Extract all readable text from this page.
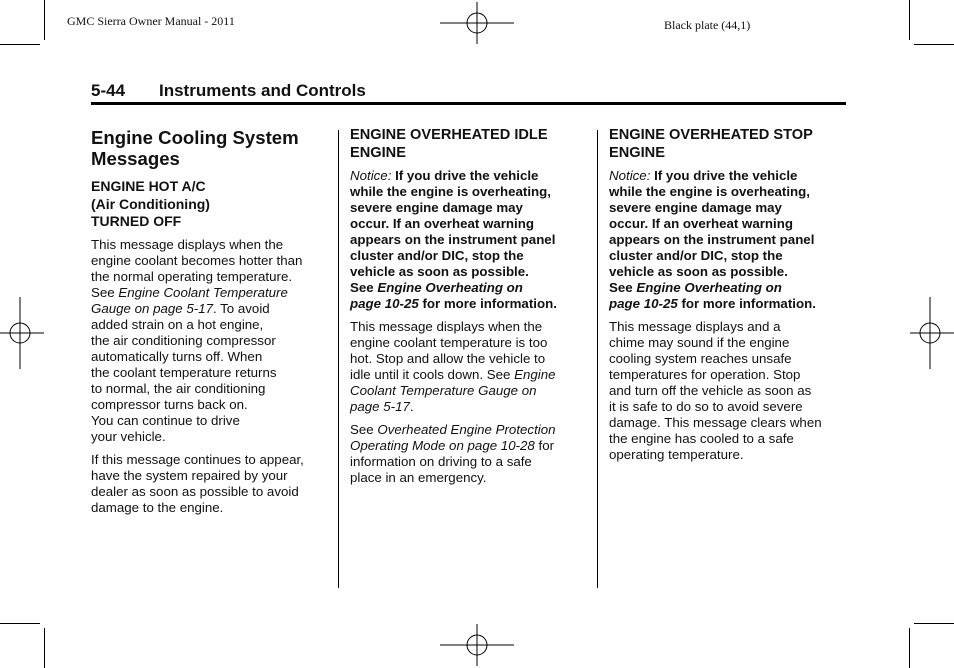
GMC Sierra Owner Manual - 2011	Black plate (44,1)
5-44 Instruments and Controls
Engine Cooling System
Messages
ENGINE HOT A/C
(Air Conditioning)
TURNED OFF
This message displays when the
engine coolant becomes hotter than
the normal operating temperature.
See Engine Coolant Temperature
Gauge on page 5‑17. To avoid
added strain on a hot engine,
the air conditioning compressor
automatically turns off. When
the coolant temperature returns
to normal, the air conditioning
compressor turns back on.
You can continue to drive
your vehicle.
If this message continues to appear,
have the system repaired by your
dealer as soon as possible to avoid
damage to the engine.
ENGINE OVERHEATED IDLE
ENGINE
Notice: If you drive the vehicle
while the engine is overheating,
severe engine damage may
occur. If an overheat warning
appears on the instrument panel
cluster and/or DIC, stop the
vehicle as soon as possible.
See Engine Overheating on
page 10‑25 for more information.
This message displays when the
engine coolant temperature is too
hot. Stop and allow the vehicle to
idle until it cools down. See Engine
Coolant Temperature Gauge on
page 5‑17.
See Overheated Engine Protection
Operating Mode on page 10‑28 for
information on driving to a safe
place in an emergency.
ENGINE OVERHEATED STOP
ENGINE
Notice: If you drive the vehicle
while the engine is overheating,
severe engine damage may
occur. If an overheat warning
appears on the instrument panel
cluster and/or DIC, stop the
vehicle as soon as possible.
See Engine Overheating on
page 10‑25 for more information.
This message displays and a
chime may sound if the engine
cooling system reaches unsafe
temperatures for operation. Stop
and turn off the vehicle as soon as
it is safe to do so to avoid severe
damage. This message clears when
the engine has cooled to a safe
operating temperature.
